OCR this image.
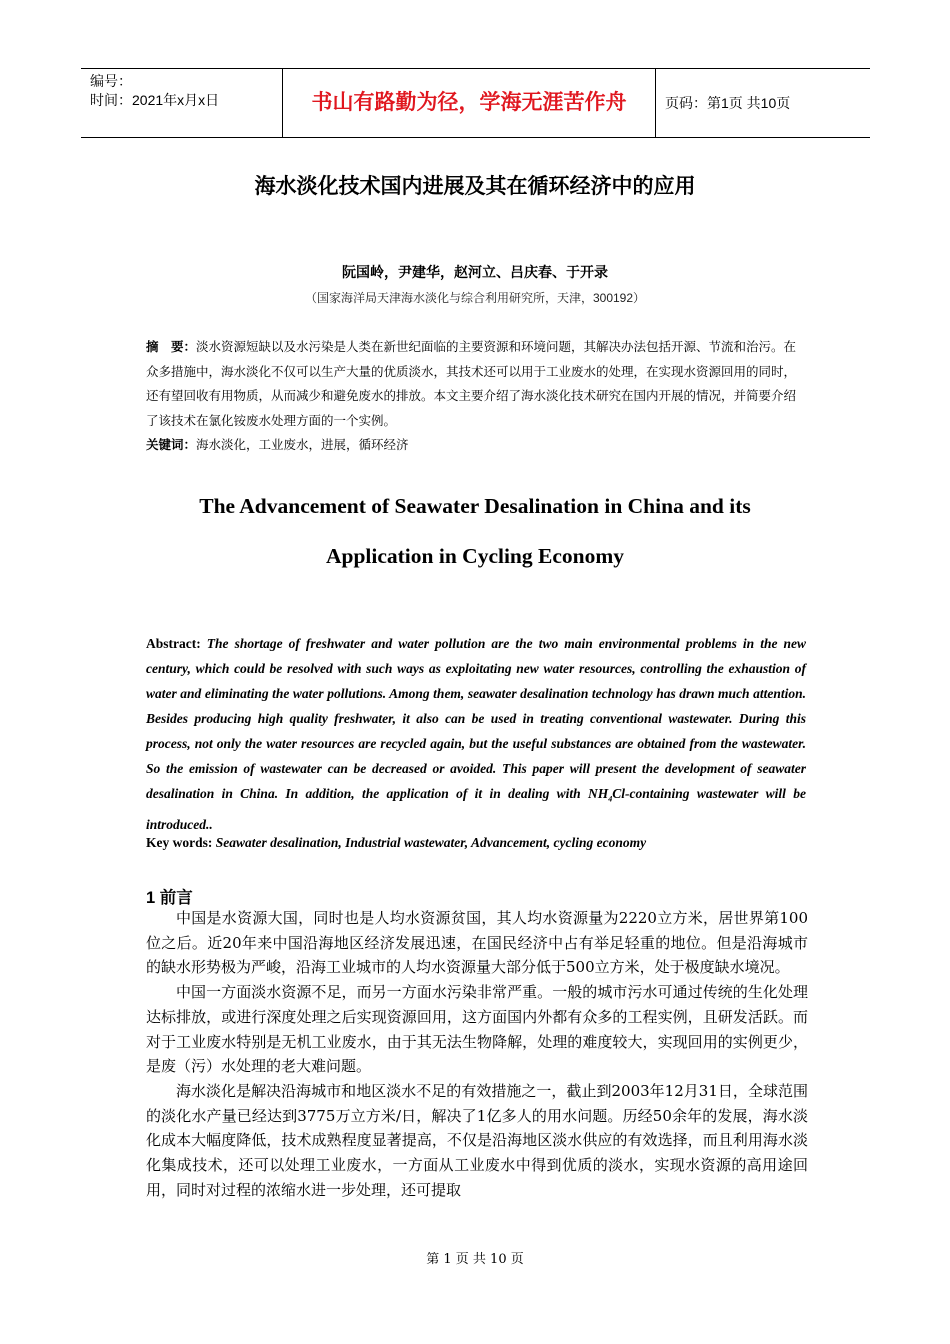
编号：
时间：2021年x月x日	书山有路勤为径，学海无涯苦作舟	页码：第1页 共10页
海水淡化技术国内进展及其在循环经济中的应用
阮国岭，尹建华，赵河立、吕庆春、于开录
（国家海洋局天津海水淡化与综合利用研究所，天津，300192）
摘　要：淡水资源短缺以及水污染是人类在新世纪面临的主要资源和环境问题，其解决办法包括开源、节流和治污。在众多措施中，海水淡化不仅可以生产大量的优质淡水，其技术还可以用于工业废水的处理，在实现水资源回用的同时，还有望回收有用物质，从而减少和避免废水的排放。本文主要介绍了海水淡化技术研究在国内开展的情况，并简要介绍了该技术在氯化铵废水处理方面的一个实例。
关键词：海水淡化，工业废水，进展，循环经济
The Advancement of Seawater Desalination in China and its
Application in Cycling Economy
Abstract: The shortage of freshwater and water pollution are the two main environmental problems in the new century, which could be resolved with such ways as exploitating new water resources, controlling the exhaustion of water and eliminating the water pollutions. Among them, seawater desalination technology has drawn much attention. Besides producing high quality freshwater, it also can be used in treating conventional wastewater. During this process, not only the water resources are recycled again, but the useful substances are obtained from the wastewater. So the emission of wastewater can be decreased or avoided. This paper will present the development of seawater desalination in China. In addition, the application of it in dealing with $NH_4Cl$-containing wastewater will be introduced..
Key words: Seawater desalination, Industrial wastewater, Advancement, cycling economy
1 前言

中国是水资源大国，同时也是人均水资源贫国，其人均水资源量为2220立方米，居世界第100位之后。近20年来中国沿海地区经济发展迅速，在国民经济中占有举足轻重的地位。但是沿海城市的缺水形势极为严峻，沿海工业城市的人均水资源量大部分低于500立方米，处于极度缺水境况。

中国一方面淡水资源不足，而另一方面水污染非常严重。一般的城市污水可通过传统的生化处理达标排放，或进行深度处理之后实现资源回用，这方面国内外都有众多的工程实例，且研发活跃。而对于工业废水特别是无机工业废水，由于其无法生物降解，处理的难度较大，实现回用的实例更少，是废（污）水处理的老大难问题。

海水淡化是解决沿海城市和地区淡水不足的有效措施之一，截止到2003年12月31日，全球范围的淡化水产量已经达到3775万立方米/日，解决了1亿多人的用水问题。历经50余年的发展，海水淡化成本大幅度降低，技术成熟程度显著提高，不仅是沿海地区淡水供应的有效选择，而且利用海水淡化集成技术，还可以处理工业废水，一方面从工业废水中得到优质的淡水，实现水资源的高用途回用，同时对过程的浓缩水进一步处理，还可提取

第 1 页 共 10 页
